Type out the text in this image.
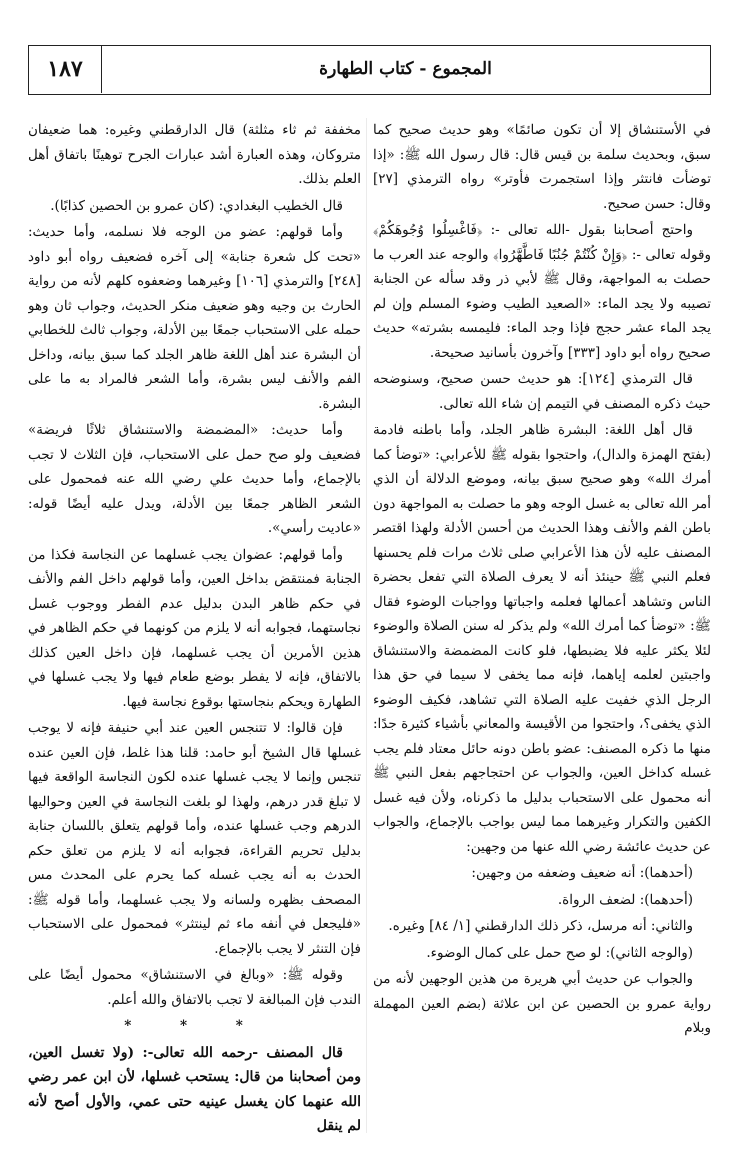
١٨٧	المجموع - كتاب الطهارة

في الأستنشاق إلا أن تكون صائمًا» وهو حديث صحيح كما سبق، وبحديث سلمة بن قيس قال: قال رسول الله ﷺ: «إذا توضأت فانتثر وإذا استجمرت فأوتر» رواه الترمذي [٢٧] وقال: حسن صحيح.

واحتج أصحابنا بقول -الله تعالى -: ﴿فَاغْسِلُوا وُجُوهَكُمْ﴾ وقوله تعالى -: ﴿وَإِنْ كُنْتُمْ جُنُبًا فَاطَّهَّرُوا﴾ والوجه عند العرب ما حصلت به المواجهة، وقال ﷺ لأبي ذر وقد سأله عن الجنابة تصيبه ولا يجد الماء: «الصعيد الطيب وضوء المسلم وإن لم يجد الماء عشر حجج فإذا وجد الماء: فليمسه بشرته» حديث صحيح رواه أبو داود [٣٣٣] وآخرون بأسانيد صحيحة.

قال الترمذي [١٢٤]: هو حديث حسن صحيح، وسنوضحه حيث ذكره المصنف في التيمم إن شاء الله تعالى.

قال أهل اللغة: البشرة ظاهر الجلد، وأما باطنه فادمة (بفتح الهمزة والدال)، واحتجوا بقوله ﷺ للأعرابي: «توضأ كما أمرك الله» وهو صحيح سبق بيانه، وموضع الدلالة أن الذي أمر الله تعالى به غسل الوجه وهو ما حصلت به المواجهة دون باطن الفم والأنف وهذا الحديث من أحسن الأدلة ولهذا اقتصر المصنف عليه لأن هذا الأعرابي صلى ثلاث مرات فلم يحسنها فعلم النبي ﷺ حينئذ أنه لا يعرف الصلاة التي تفعل بحضرة الناس وتشاهد أعمالها فعلمه واجباتها وواجبات الوضوء فقال ﷺ: «توضأ كما أمرك الله» ولم يذكر له سنن الصلاة والوضوء لئلا يكثر عليه فلا يضبطها، فلو كانت المضمضة والاستنشاق واجبتين لعلمه إياهما، فإنه مما يخفى لا سيما في حق هذا الرجل الذي خفيت عليه الصلاة التي تشاهد، فكيف الوضوء الذي يخفى؟، واحتجوا من الأقيسة والمعاني بأشياء كثيرة جدًا: منها ما ذكره المصنف: عضو باطن دونه حائل معتاد فلم يجب غسله كداخل العين، والجواب عن احتجاجهم بفعل النبي ﷺ أنه محمول على الاستحباب بدليل ما ذكرناه، ولأن فيه غسل الكفين والتكرار وغيرهما مما ليس بواجب بالإجماع، والجواب عن حديث عائشة رضي الله عنها من وجهين:

(أحدهما): أنه ضعيف وضعفه من وجهين:

(أحدهما): لضعف الرواة.

والثاني: أنه مرسل، ذكر ذلك الدارقطني [١/ ٨٤] وغيره.

(والوجه الثاني): لو صح حمل على كمال الوضوء.

والجواب عن حديث أبي هريرة من هذين الوجهين لأنه من رواية عمرو بن الحصين عن ابن علاثة (بضم العين المهملة وبلام

مخففة ثم ثاء مثلثة) قال الدارقطني وغيره: هما ضعيفان متروكان، وهذه العبارة أشد عبارات الجرح توهينًا باتفاق أهل العلم بذلك.

قال الخطيب البغدادي: (كان عمرو بن الحصين كذابًا).

وأما قولهم: عضو من الوجه فلا نسلمه، وأما حديث: «تحت كل شعرة جنابة» إلى آخره فضعيف رواه أبو داود [٢٤٨] والترمذي [١٠٦] وغيرهما وضعفوه كلهم لأنه من رواية الحارث بن وجيه وهو ضعيف منكر الحديث، وجواب ثان وهو حمله على الاستحباب جمعًا بين الأدلة، وجواب ثالث للخطابي أن البشرة عند أهل اللغة ظاهر الجلد كما سبق بيانه، وداخل الفم والأنف ليس بشرة، وأما الشعر فالمراد به ما على البشرة.

وأما حديث: «المضمضة والاستنشاق ثلاثًا فريضة» فضعيف ولو صح حمل على الاستحباب، فإن الثلاث لا تجب بالإجماع، وأما حديث علي رضي الله عنه فمحمول على الشعر الظاهر جمعًا بين الأدلة، ويدل عليه أيضًا قوله: «عاديت رأسي».

وأما قولهم: عضوان يجب غسلهما عن النجاسة فكذا من الجنابة فمنتقض بداخل العين، وأما قولهم داخل الفم والأنف في حكم ظاهر البدن بدليل عدم الفطر ووجوب غسل نجاستهما، فجوابه أنه لا يلزم من كونهما في حكم الظاهر في هذين الأمرين أن يجب غسلهما، فإن داخل العين كذلك بالاتفاق، فإنه لا يفطر بوضع طعام فيها ولا يجب غسلها في الطهارة ويحكم بنجاستها بوقوع نجاسة فيها.

فإن قالوا: لا تتنجس العين عند أبي حنيفة فإنه لا يوجب غسلها قال الشيخ أبو حامد: قلنا هذا غلط، فإن العين عنده تنجس وإنما لا يجب غسلها عنده لكون النجاسة الواقعة فيها لا تبلغ قدر درهم، ولهذا لو بلغت النجاسة في العين وحواليها الدرهم وجب غسلها عنده، وأما قولهم يتعلق باللسان جنابة بدليل تحريم القراءة، فجوابه أنه لا يلزم من تعلق حكم الحدث به أنه يجب غسله كما يحرم على المحدث مس المصحف بظهره ولسانه ولا يجب غسلهما، وأما قوله ﷺ: «فليجعل في أنفه ماء ثم لينتثر» فمحمول على الاستحباب فإن التنثر لا يجب بالإجماع.

وقوله ﷺ: «وبالغ في الاستنشاق» محمول أيضًا على الندب فإن المبالغة لا تجب بالاتفاق والله أعلم.

* * *

قال المصنف -رحمه الله تعالى-: (ولا تغسل العين، ومن أصحابنا من قال: يستحب غسلها، لأن ابن عمر رضي الله عنهما كان يغسل عينيه حتى عمي، والأول أصح لأنه لم ينقل
